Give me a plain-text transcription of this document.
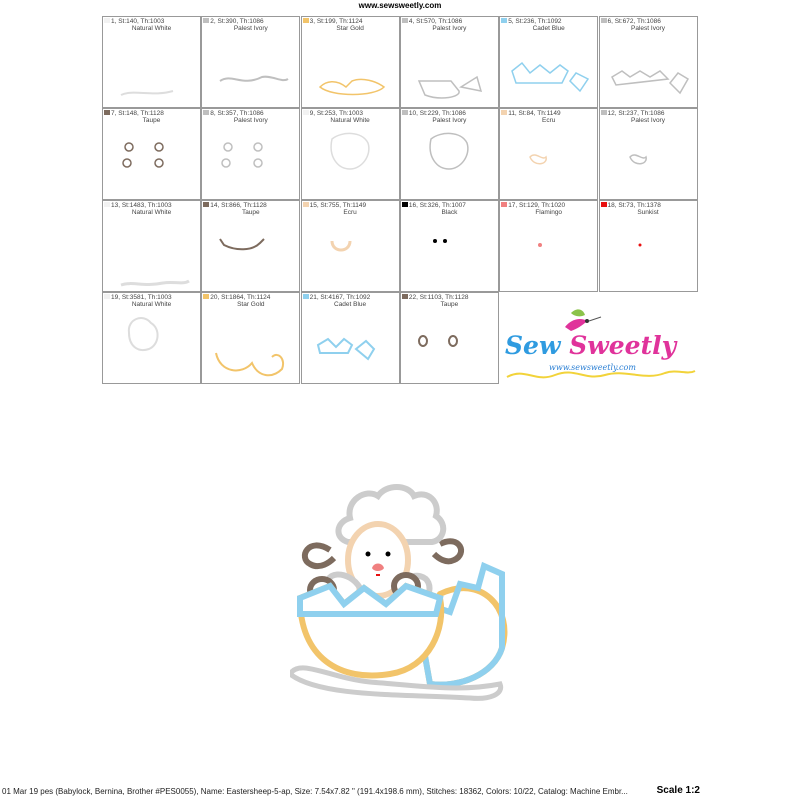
www.sewsweetly.com
1, St:140, Th:1003
Natural White
2, St:390, Th:1086
Palest Ivory
3, St:199, Th:1124
Star Gold
4, St:570, Th:1086
Palest Ivory
5, St:236, Th:1092
Cadet Blue
6, St:672, Th:1086
Palest Ivory
7, St:148, Th:1128
Taupe
8, St:357, Th:1086
Palest Ivory
9, St:253, Th:1003
Natural White
10, St:229, Th:1086
Palest Ivory
11, St:84, Th:1149
Ecru
12, St:237, Th:1086
Palest Ivory
13, St:1483, Th:1003
Natural White
14, St:866, Th:1128
Taupe
15, St:755, Th:1149
Ecru
16, St:326, Th:1007
Black
17, St:129, Th:1020
Flamingo
18, St:73, Th:1378
Sunkist
19, St:3581, Th:1003
Natural White
20, St:1864, Th:1124
Star Gold
21, St:4167, Th:1092
Cadet Blue
22, St:1103, Th:1128
Taupe
Sew Sweetly
www.sewsweetly.com
01 Mar 19 pes (Babylock, Bernina, Brother #PES0055), Name: Eastersheep-5-ap, Size: 7.54x7.82 " (191.4x198.6 mm), Stitches: 18362, Colors: 10/22, Catalog: Machine Embr...	Scale 1:2
